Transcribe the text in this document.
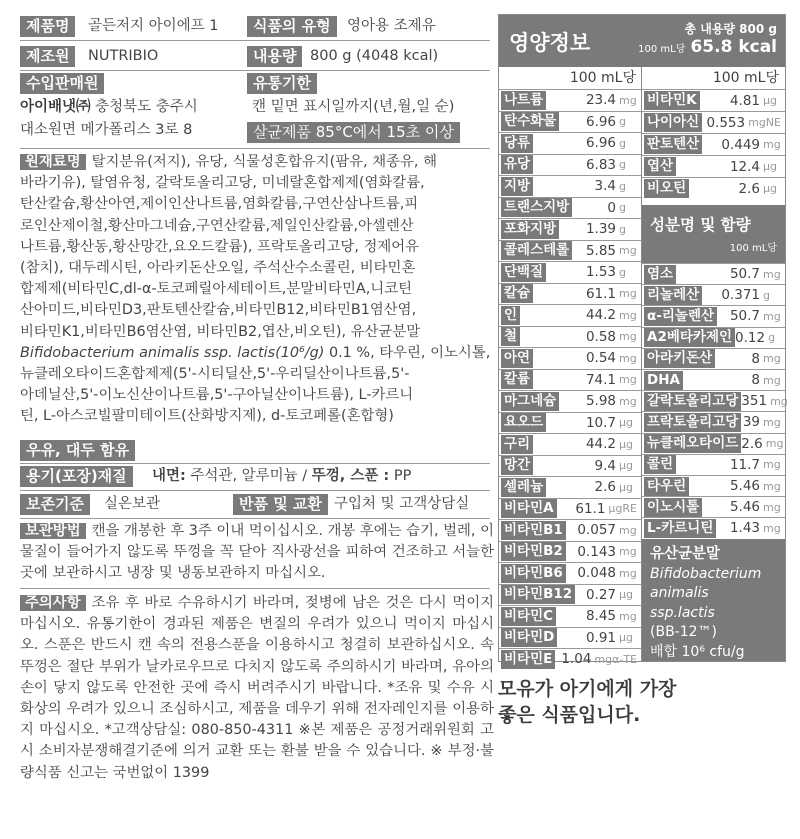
제품명	골든저지 아이에프 1	식품의 유형	영아용 조제유
제조원	NUTRIBIO	내용량 800 g (4048 kcal)
수입판매원	유통기한
아이배냇㈜ 충청북도 충주시
대소원면 메가폴리스 3로 8
캔 밑면 표시일까지(년,월,일 순)
살균제품 85°C에서 15초 이상
원재료명 탈지분유(저지), 유당, 식물성혼합유지(팜유, 채종유, 해
바라기유), 탈염유청, 갈락토올리고당, 미네랄혼합제제(염화칼륨,
탄산칼슘,황산아연,제이인산나트륨,염화칼륨,구연산삼나트륨,피
로인산제이철,황산마그네슘,구연산칼륨,제일인산칼륨,아셀렌산
나트륨,황산동,황산망간,요오드칼륨), 프락토올리고당, 정제어유
(참치), 대두레시틴, 아라키돈산오일, 주석산수소콜린, 비타민혼
합제제(비타민C,dl-α-토코페릴아세테이트,분말비타민A,니코틴
산아미드,비타민D3,판토텐산칼슘,비타민B12,비타민B1염산염,
비타민K1,비타민B6염산염, 비타민B2,엽산,비오틴), 유산균분말
Bifidobacterium animalis ssp. lactis(10⁶/g) 0.1 %, 타우린, 이노시톨,
뉴클레오타이드혼합제제(5'-시티딜산,5'-우리딜산이나트륨,5'-
아데닐산,5'-이노신산이나트륨,5'-구아닐산이나트륨), L-카르니
틴, L-아스코빌팔미테이트(산화방지제), d-토코페롤(혼합형)
우유, 대두 함유
용기(포장)재질	내면: 주석관, 알루미늄 / 뚜껑, 스푼 : PP
보존기준	실온보관	반품 및 교환 구입처 및 고객상담실
보관방법 캔을 개봉한 후 3주 이내 먹이십시오. 개봉 후에는 습기, 벌레, 이물질이 들어가지 않도록 뚜껑을 꼭 닫아 직사광선을 피하여 건조하고 서늘한 곳에 보관하시고 냉장 및 냉동보관하지 마십시오.
주의사항 조유 후 바로 수유하시기 바라며, 젖병에 남은 것은 다시 먹이지 마십시오. 유통기한이 경과된 제품은 변질의 우려가 있으니 먹이지 마십시오. 스푼은 반드시 캔 속의 전용스푼을 이용하시고 청결히 보관하십시오. 속 뚜껑은 절단 부위가 날카로우므로 다치지 않도록 주의하시기 바라며, 유아의 손이 닿지 않도록 안전한 곳에 즉시 버려주시기 바랍니다. *조유 및 수유 시 화상의 우려가 있으니 조심하시고, 제품을 데우기 위해 전자레인지를 이용하지 마십시오. *고객상담실: 080-850-4311 ※본 제품은 공정거래위원회 고시 소비자분쟁해결기준에 의거 교환 또는 환불 받을 수 있습니다. ※ 부정·불량식품 신고는 국번없이 1399
영양정보
총 내용량 800 g
100 mL당 65.8 kcal
100 mL당	100 mL당
나트륨	23.4 mg
탄수화물 6.96 g
당류	6.96 g
유당	6.83 g
지방	3.4 g
트랜스지방	0 g
포화지방 1.39 g
콜레스테롤 5.85 mg
단백질	1.53 g
칼슘	61.1 mg
인	44.2 mg
철	0.58 mg
아연	0.54 mg
칼륨	74.1 mg
마그네슘 5.98 mg
요오드	10.7 μg
구리	44.2 μg
망간	9.4 μg
셀레늄	2.6 μg
비타민A 61.1 μgRE
비타민B1 0.057 mg
비타민B2 0.143 mg
비타민B6 0.048 mg
비타민B12 0.27 μg
비타민C 8.45 mg
비타민D 0.91 μg
비타민E 1.04 mgα-TE
비타민K 4.81 μg
나이아신 0.553 mgNE
판토텐산 0.449 mg
엽산	12.4 μg
비오틴	2.6 μg
성분명 및 함량
100 mL당
염소	50.7 mg
리놀레산 0.371 g
α-리놀렌산 50.7 mg
A2베타카제인 0.12 g
아라키돈산	8 mg
DHA	8 mg
갈락토올리고당 351 mg
프락토올리고당 39 mg
뉴클레오타이드 2.6 mg
콜린	11.7 mg
타우린	5.46 mg
이노시톨 5.46 mg
L-카르니틴 1.43 mg
유산균분말
Bifidobacterium
animalis ssp.lactis
(BB-12™)
배합 10⁶ cfu/g
모유가 아기에게 가장
좋은 식품입니다.
